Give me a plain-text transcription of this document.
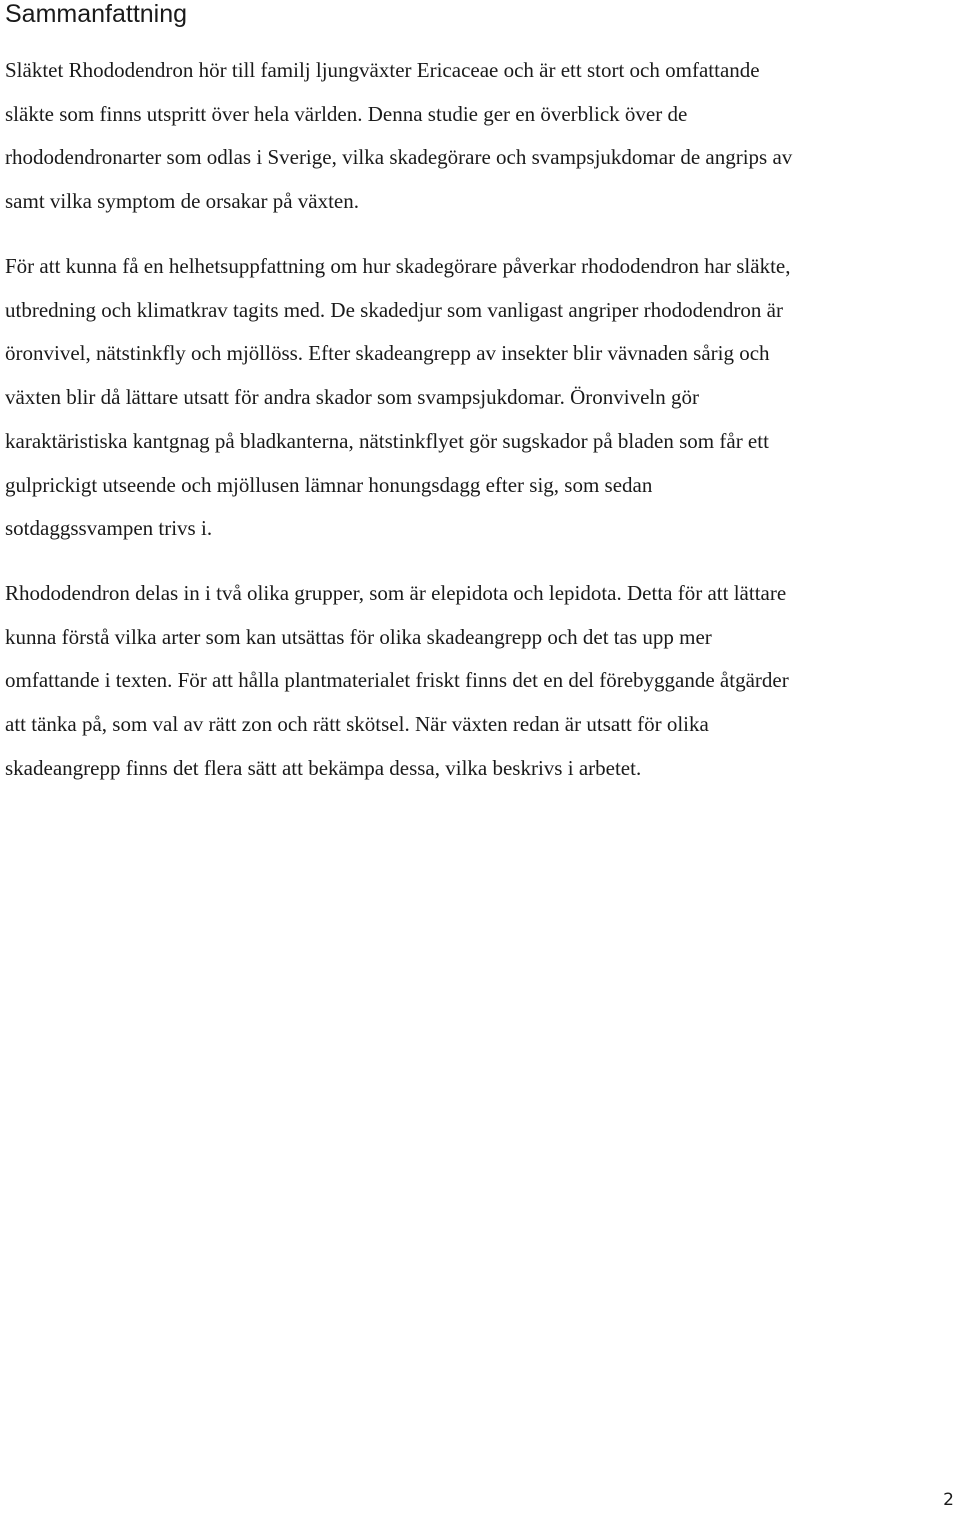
Sammanfattning
Släktet Rhododendron hör till familj ljungväxter Ericaceae och är ett stort och omfattande
släkte som finns utspritt över hela världen. Denna studie ger en överblick över de
rhododendronarter som odlas i Sverige, vilka skadegörare och svampsjukdomar de angrips av
samt vilka symptom de orsakar på växten.
För att kunna få en helhetsuppfattning om hur skadegörare påverkar rhododendron har släkte,
utbredning och klimatkrav tagits med. De skadedjur som vanligast angriper rhododendron är
öronvivel, nätstinkfly och mjöllöss. Efter skadeangrepp av insekter blir vävnaden sårig och
växten blir då lättare utsatt för andra skador som svampsjukdomar. Öronviveln gör
karaktäristiska kantgnag på bladkanterna, nätstinkflyet gör sugskador på bladen som får ett
gulprickigt utseende och mjöllusen lämnar honungsdagg efter sig, som sedan
sotdaggssvampen trivs i.
Rhododendron delas in i två olika grupper, som är elepidota och lepidota. Detta för att lättare
kunna förstå vilka arter som kan utsättas för olika skadeangrepp och det tas upp mer
omfattande i texten. För att hålla plantmaterialet friskt finns det en del förebyggande åtgärder
att tänka på, som val av rätt zon och rätt skötsel. När växten redan är utsatt för olika
skadeangrepp finns det flera sätt att bekämpa dessa, vilka beskrivs i arbetet.
2
